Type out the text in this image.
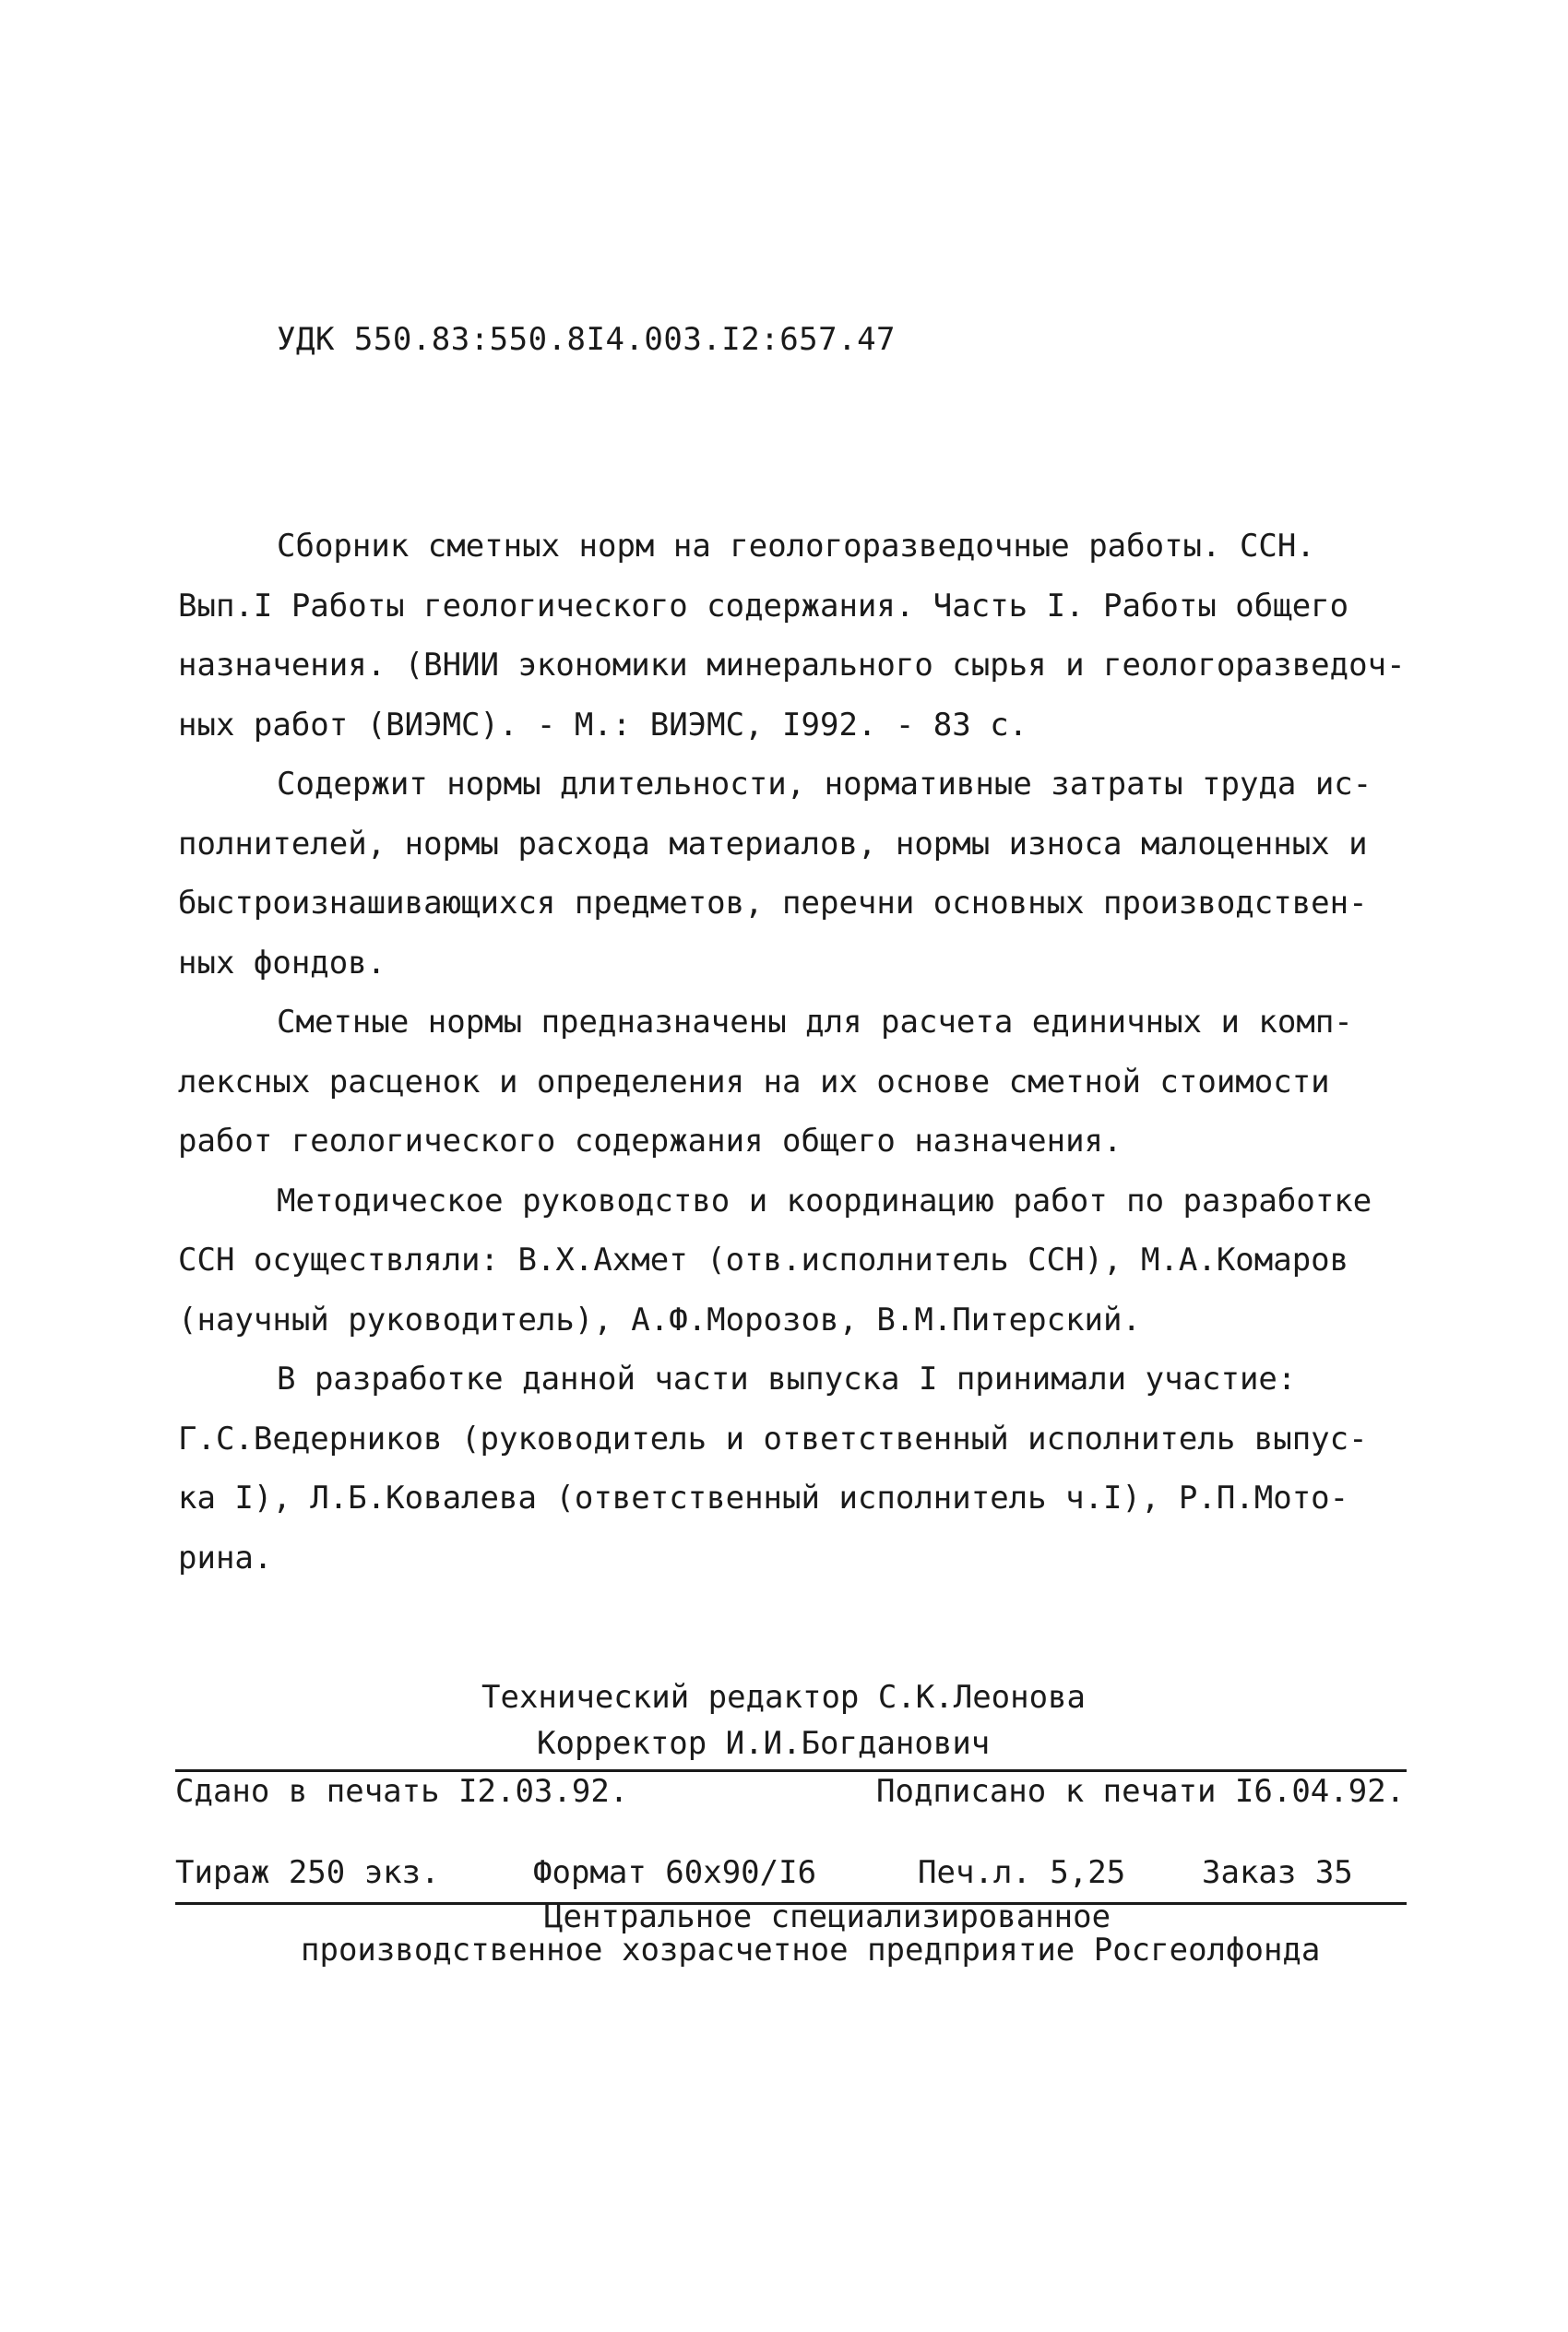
УДК 550.83:550.8I4.003.I2:657.47

Сборник сметных норм на геологоразведочные работы. ССН.
Вып.I Работы геологического содержания. Часть I. Работы общего
назначения. (ВНИИ экономики минерального сырья и геологоразведоч-
ных работ (ВИЭМС). - М.: ВИЭМС, I992. - 83 с.

Содержит нормы длительности, нормативные затраты труда ис-
полнителей, нормы расхода материалов, нормы износа малоценных и
быстроизнашивающихся предметов, перечни основных производствен-
ных фондов.

Сметные нормы предназначены для расчета единичных и комп-
лексных расценок и определения на их основе сметной стоимости
работ геологического содержания общего назначения.

Методическое руководство и координацию работ по разработке
ССН осуществляли: В.Х.Ахмет (отв.исполнитель ССН), М.А.Комаров
(научный руководитель), А.Ф.Морозов, В.М.Питерский.

В разработке данной части выпуска I принимали участие:
Г.С.Ведерников (руководитель и ответственный исполнитель выпус-
ка I), Л.Б.Ковалева (ответственный исполнитель ч.I), Р.П.Мото-
рина.

Технический редактор С.К.Леонова
Корректор И.И.Богданович
Сдано в печать I2.03.92.	Подписано к печати I6.04.92.
Тираж 250 экз.	Формат 60х90/I6	Печ.л. 5,25 Заказ 35
Центральное специализированное
производственное хозрасчетное предприятие Росгеолфонда
